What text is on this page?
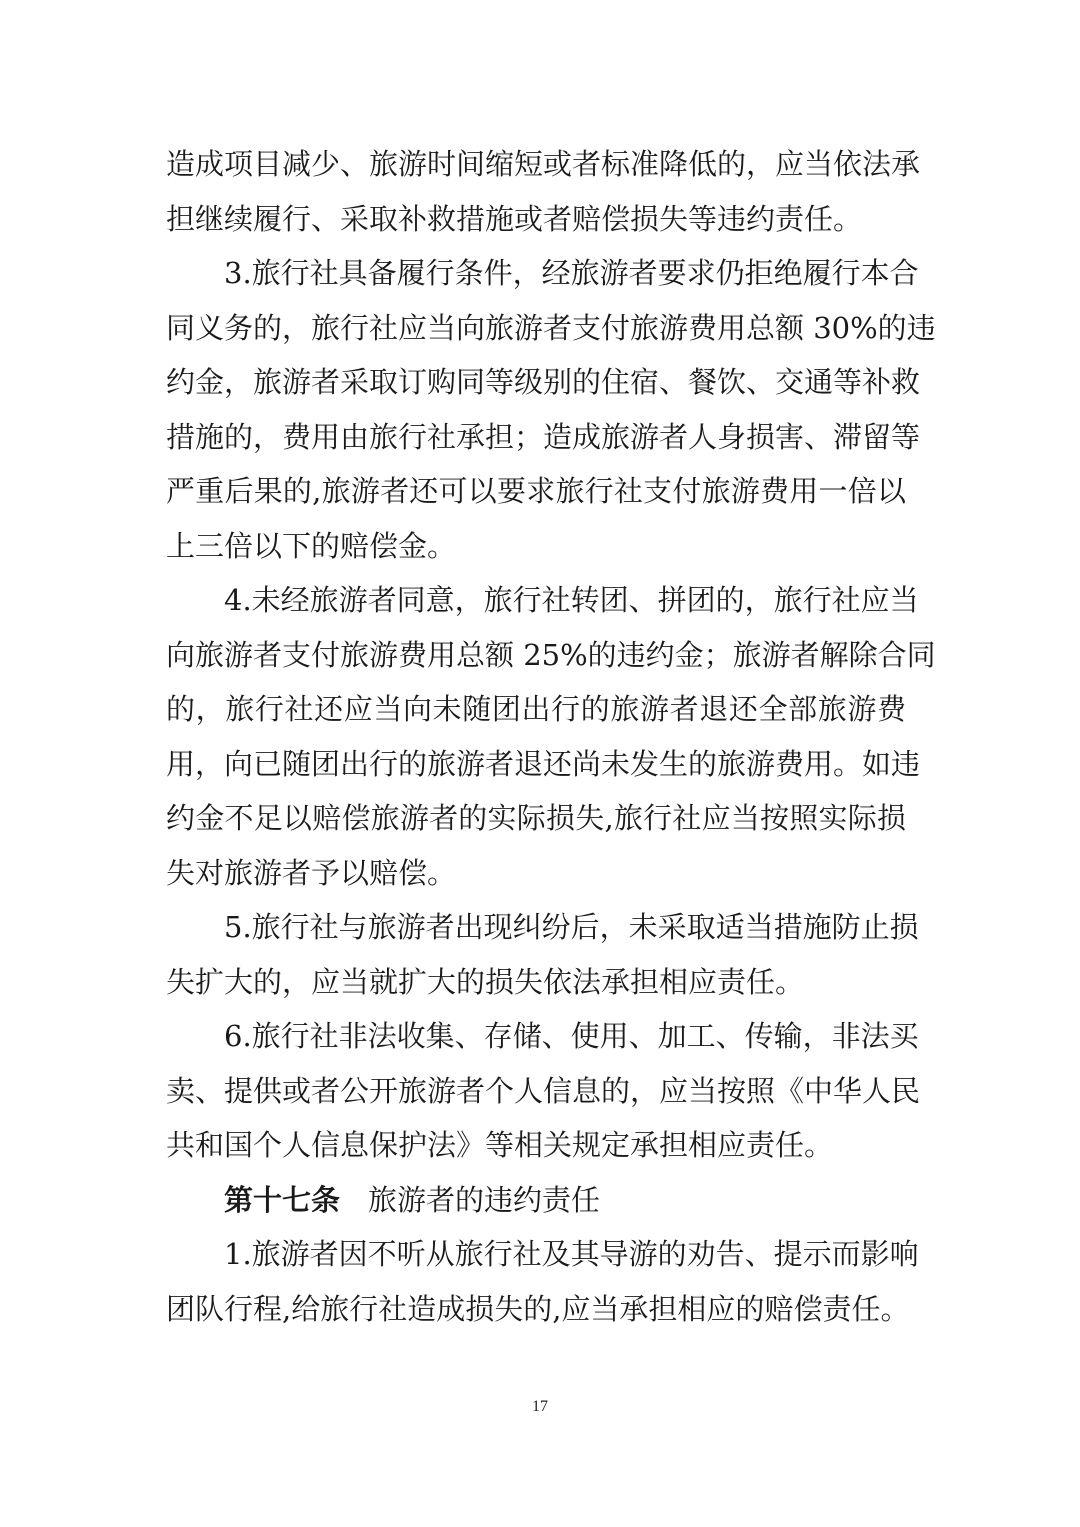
造成项目减少、旅游时间缩短或者标准降低的，应当依法承
担继续履行、采取补救措施或者赔偿损失等违约责任。
3.旅行社具备履行条件，经旅游者要求仍拒绝履行本合
同义务的，旅行社应当向旅游者支付旅游费用总额 30%的违
约金，旅游者采取订购同等级别的住宿、餐饮、交通等补救
措施的，费用由旅行社承担；造成旅游者人身损害、滞留等
严重后果的,旅游者还可以要求旅行社支付旅游费用一倍以
上三倍以下的赔偿金。
4.未经旅游者同意，旅行社转团、拼团的，旅行社应当
向旅游者支付旅游费用总额 25%的违约金；旅游者解除合同
的，旅行社还应当向未随团出行的旅游者退还全部旅游费
用，向已随团出行的旅游者退还尚未发生的旅游费用。如违
约金不足以赔偿旅游者的实际损失,旅行社应当按照实际损
失对旅游者予以赔偿。
5.旅行社与旅游者出现纠纷后，未采取适当措施防止损
失扩大的，应当就扩大的损失依法承担相应责任。
6.旅行社非法收集、存储、使用、加工、传输，非法买
卖、提供或者公开旅游者个人信息的，应当按照《中华人民
共和国个人信息保护法》等相关规定承担相应责任。
第十七条 旅游者的违约责任
1.旅游者因不听从旅行社及其导游的劝告、提示而影响
团队行程,给旅行社造成损失的,应当承担相应的赔偿责任。
17
